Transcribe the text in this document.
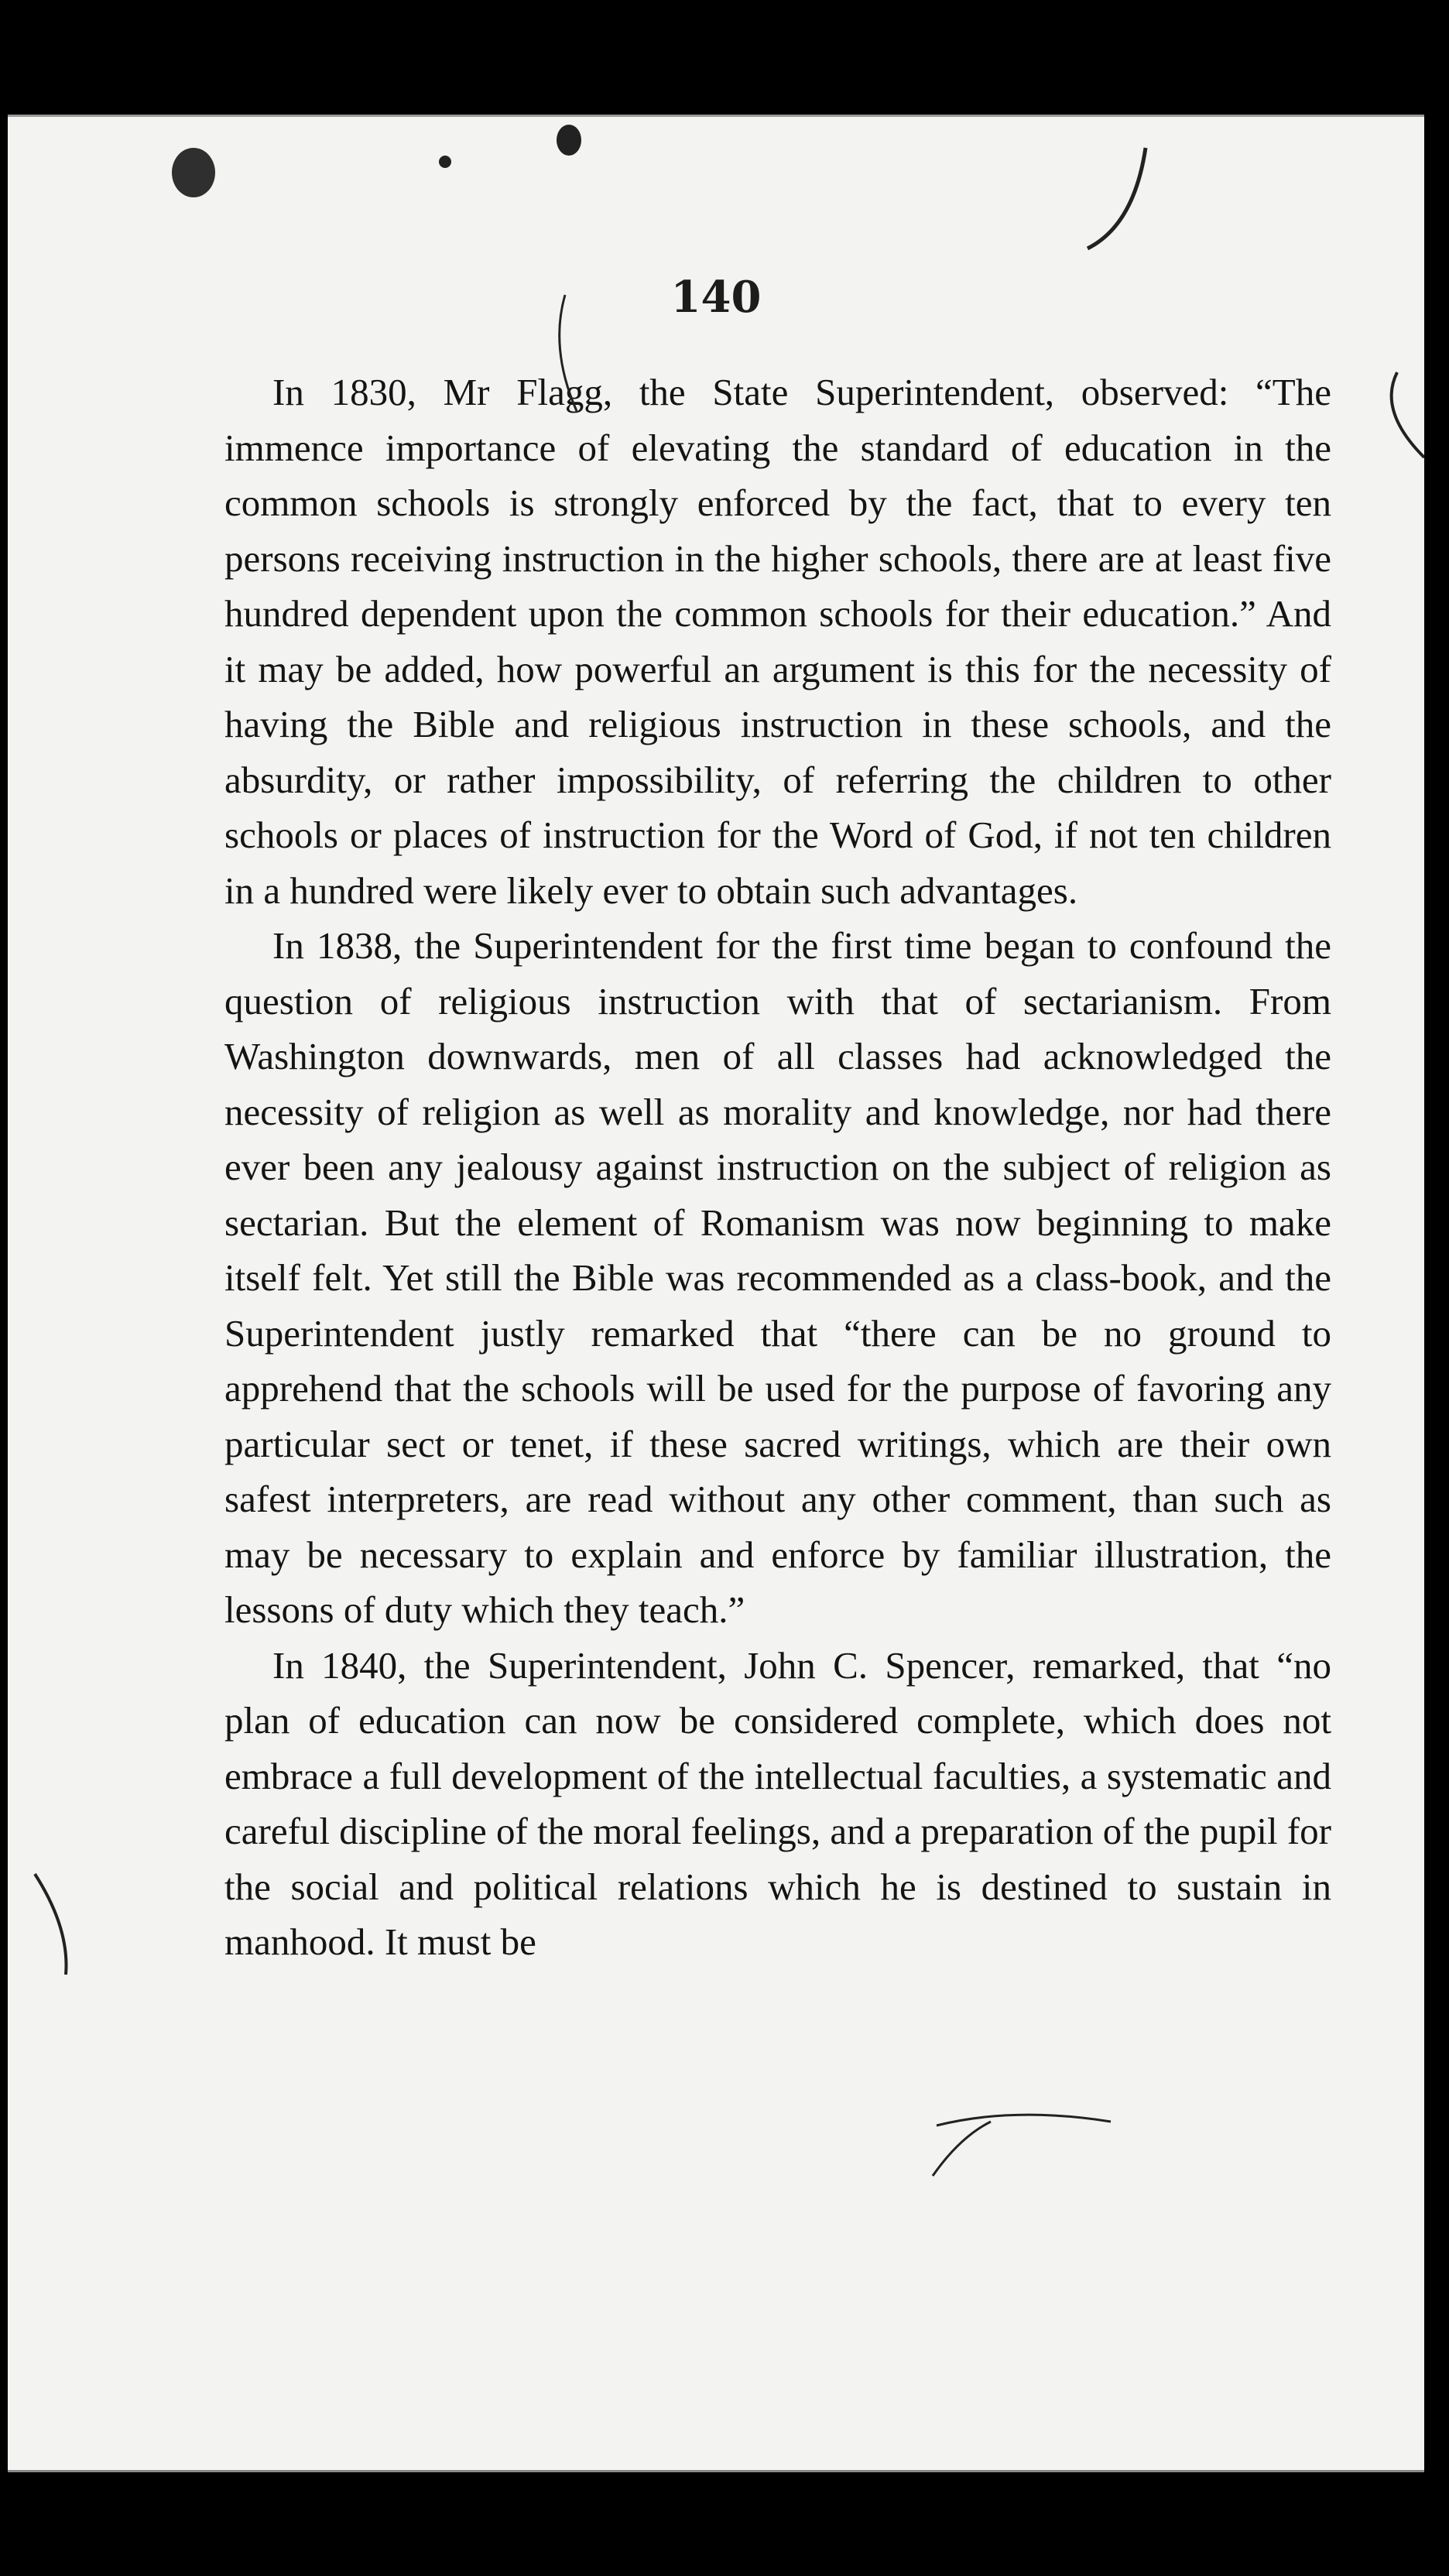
140

In 1830, Mr Flagg, the State Superintendent, observed: “The immence importance of elevating the standard of education in the common schools is strongly enforced by the fact, that to every ten persons receiving instruction in the higher schools, there are at least five hundred dependent upon the common schools for their education.” And it may be added, how powerful an argument is this for the necessity of having the Bible and religious instruction in these schools, and the absurdity, or rather impossibility, of referring the children to other schools or places of instruction for the Word of God, if not ten children in a hundred were likely ever to obtain such advantages.

In 1838, the Superintendent for the first time began to confound the question of religious instruction with that of sectarianism. From Washington downwards, men of all classes had acknowledged the necessity of religion as well as morality and knowledge, nor had there ever been any jealousy against instruction on the subject of religion as sectarian. But the element of Romanism was now beginning to make itself felt. Yet still the Bible was recommended as a class-book, and the Superintendent justly remarked that “there can be no ground to apprehend that the schools will be used for the purpose of favoring any particular sect or tenet, if these sacred writings, which are their own safest interpreters, are read without any other comment, than such as may be necessary to explain and enforce by familiar illustration, the lessons of duty which they teach.”

In 1840, the Superintendent, John C. Spencer, remarked, that “no plan of education can now be considered complete, which does not embrace a full development of the intellectual faculties, a systematic and careful discipline of the moral feelings, and a preparation of the pupil for the social and political relations which he is destined to sustain in manhood. It must be
